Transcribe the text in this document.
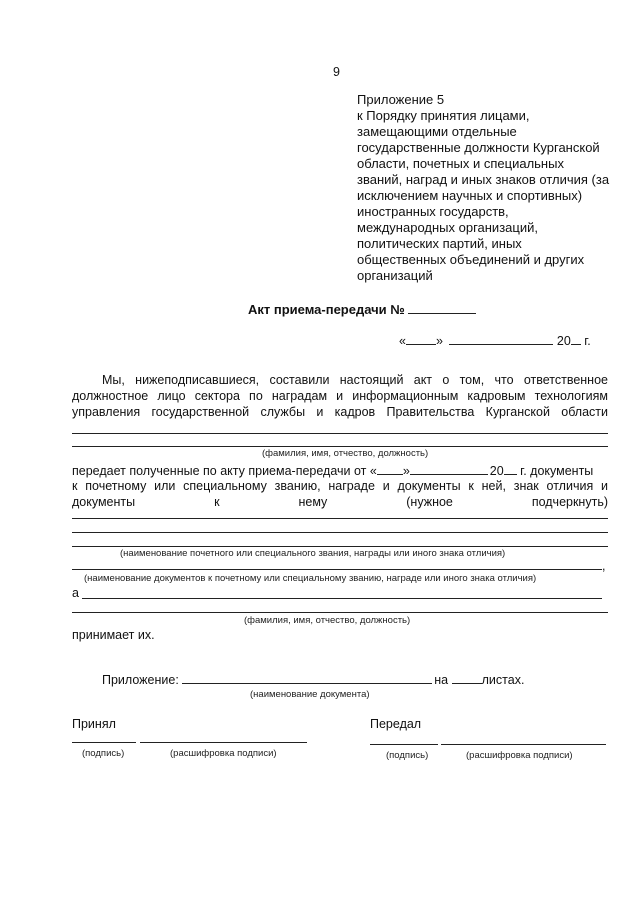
9
Приложение 5
к Порядку принятия лицами,
замещающими отдельные
государственные должности Курганской
области, почетных и специальных
званий, наград и иных знаков отличия (за
исключением научных и спортивных)
иностранных государств,
международных организаций,
политических партий, иных
общественных объединений и других
организаций
Акт приема-передачи №
« »	20 г.
Мы, нижеподписавшиеся, составили настоящий акт о том, что ответственное
должностное лицо сектора по наградам и информационным кадровым технологиям
управления государственной службы и кадров Правительства Курганской области
(фамилия, имя, отчество, должность)
передает полученные по акту приема-передачи от « »	20 г. документы
к почетному или специальному званию, награде и документы к ней, знак отличия и
документы	к	нему	(нужное	подчеркнуть)
(наименование почетного или специального звания, награды или иного знака отличия)
,
(наименование документов к почетному или специальному званию, награде или иного знака отличия)
а
(фамилия, имя, отчество, должность)
принимает их.
Приложение:	на	листах.
(наименование документа)
Принял	Передал
(подпись)	(расшифровка подписи)	(подпись)	(расшифровка подписи)
